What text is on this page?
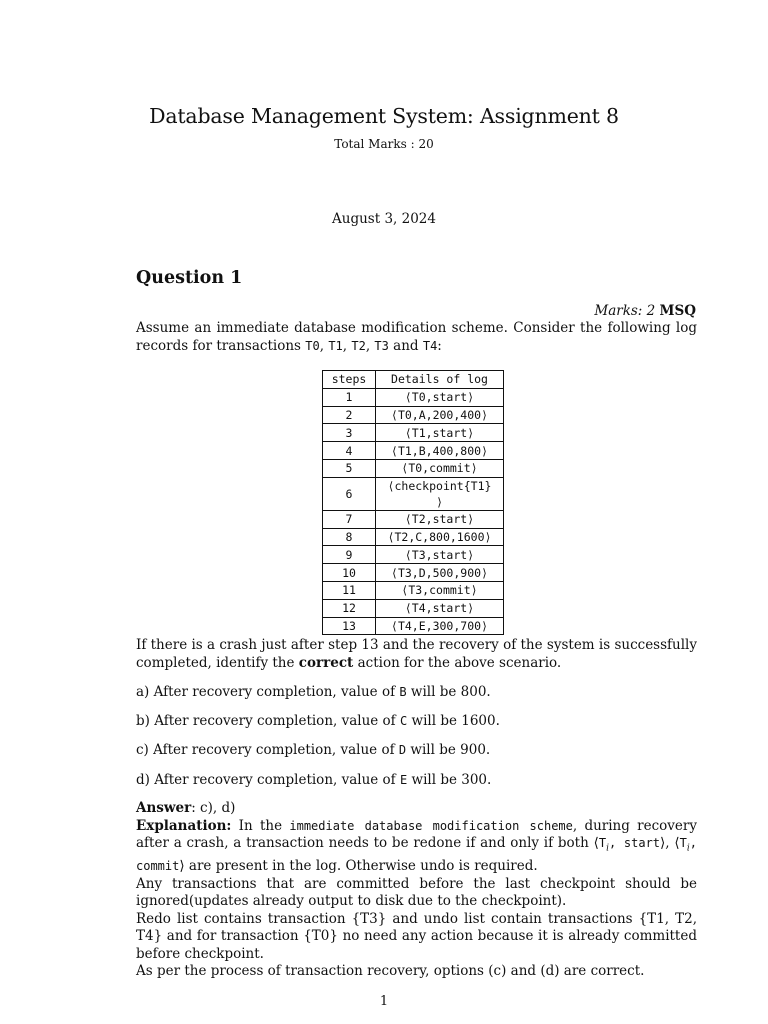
Database Management System: Assignment 8
Total Marks : 20
August 3, 2024
Question 1
Marks: 2 MSQ
Assume an immediate database modification scheme. Consider the following log records for transactions T0, T1, T2, T3 and T4:
steps	Details of log
1	⟨T0,start⟩
2	⟨T0,A,200,400⟩
3	⟨T1,start⟩
4	⟨T1,B,400,800⟩
5	⟨T0,commit⟩
6	⟨checkpoint{T1} ⟩
7	⟨T2,start⟩
8	⟨T2,C,800,1600⟩
9	⟨T3,start⟩
10	⟨T3,D,500,900⟩
11	⟨T3,commit⟩
12	⟨T4,start⟩
13	⟨T4,E,300,700⟩
If there is a crash just after step 13 and the recovery of the system is successfully completed, identify the correct action for the above scenario.
a) After recovery completion, value of B will be 800.
b) After recovery completion, value of C will be 1600.
c) After recovery completion, value of D will be 900.
d) After recovery completion, value of E will be 300.
Answer: c), d)
Explanation: In the immediate database modification scheme, during recovery after a crash, a transaction needs to be redone if and only if both $⟨T_i$, start⟩, $⟨T_i$, commit⟩ are present in the log. Otherwise undo is required.
Any transactions that are committed before the last checkpoint should be ignored(updates already output to disk due to the checkpoint).
Redo list contains transaction {T3} and undo list contain transactions {T1, T2, T4} and for transaction {T0} no need any action because it is already committed before checkpoint.
As per the process of transaction recovery, options (c) and (d) are correct.
1
